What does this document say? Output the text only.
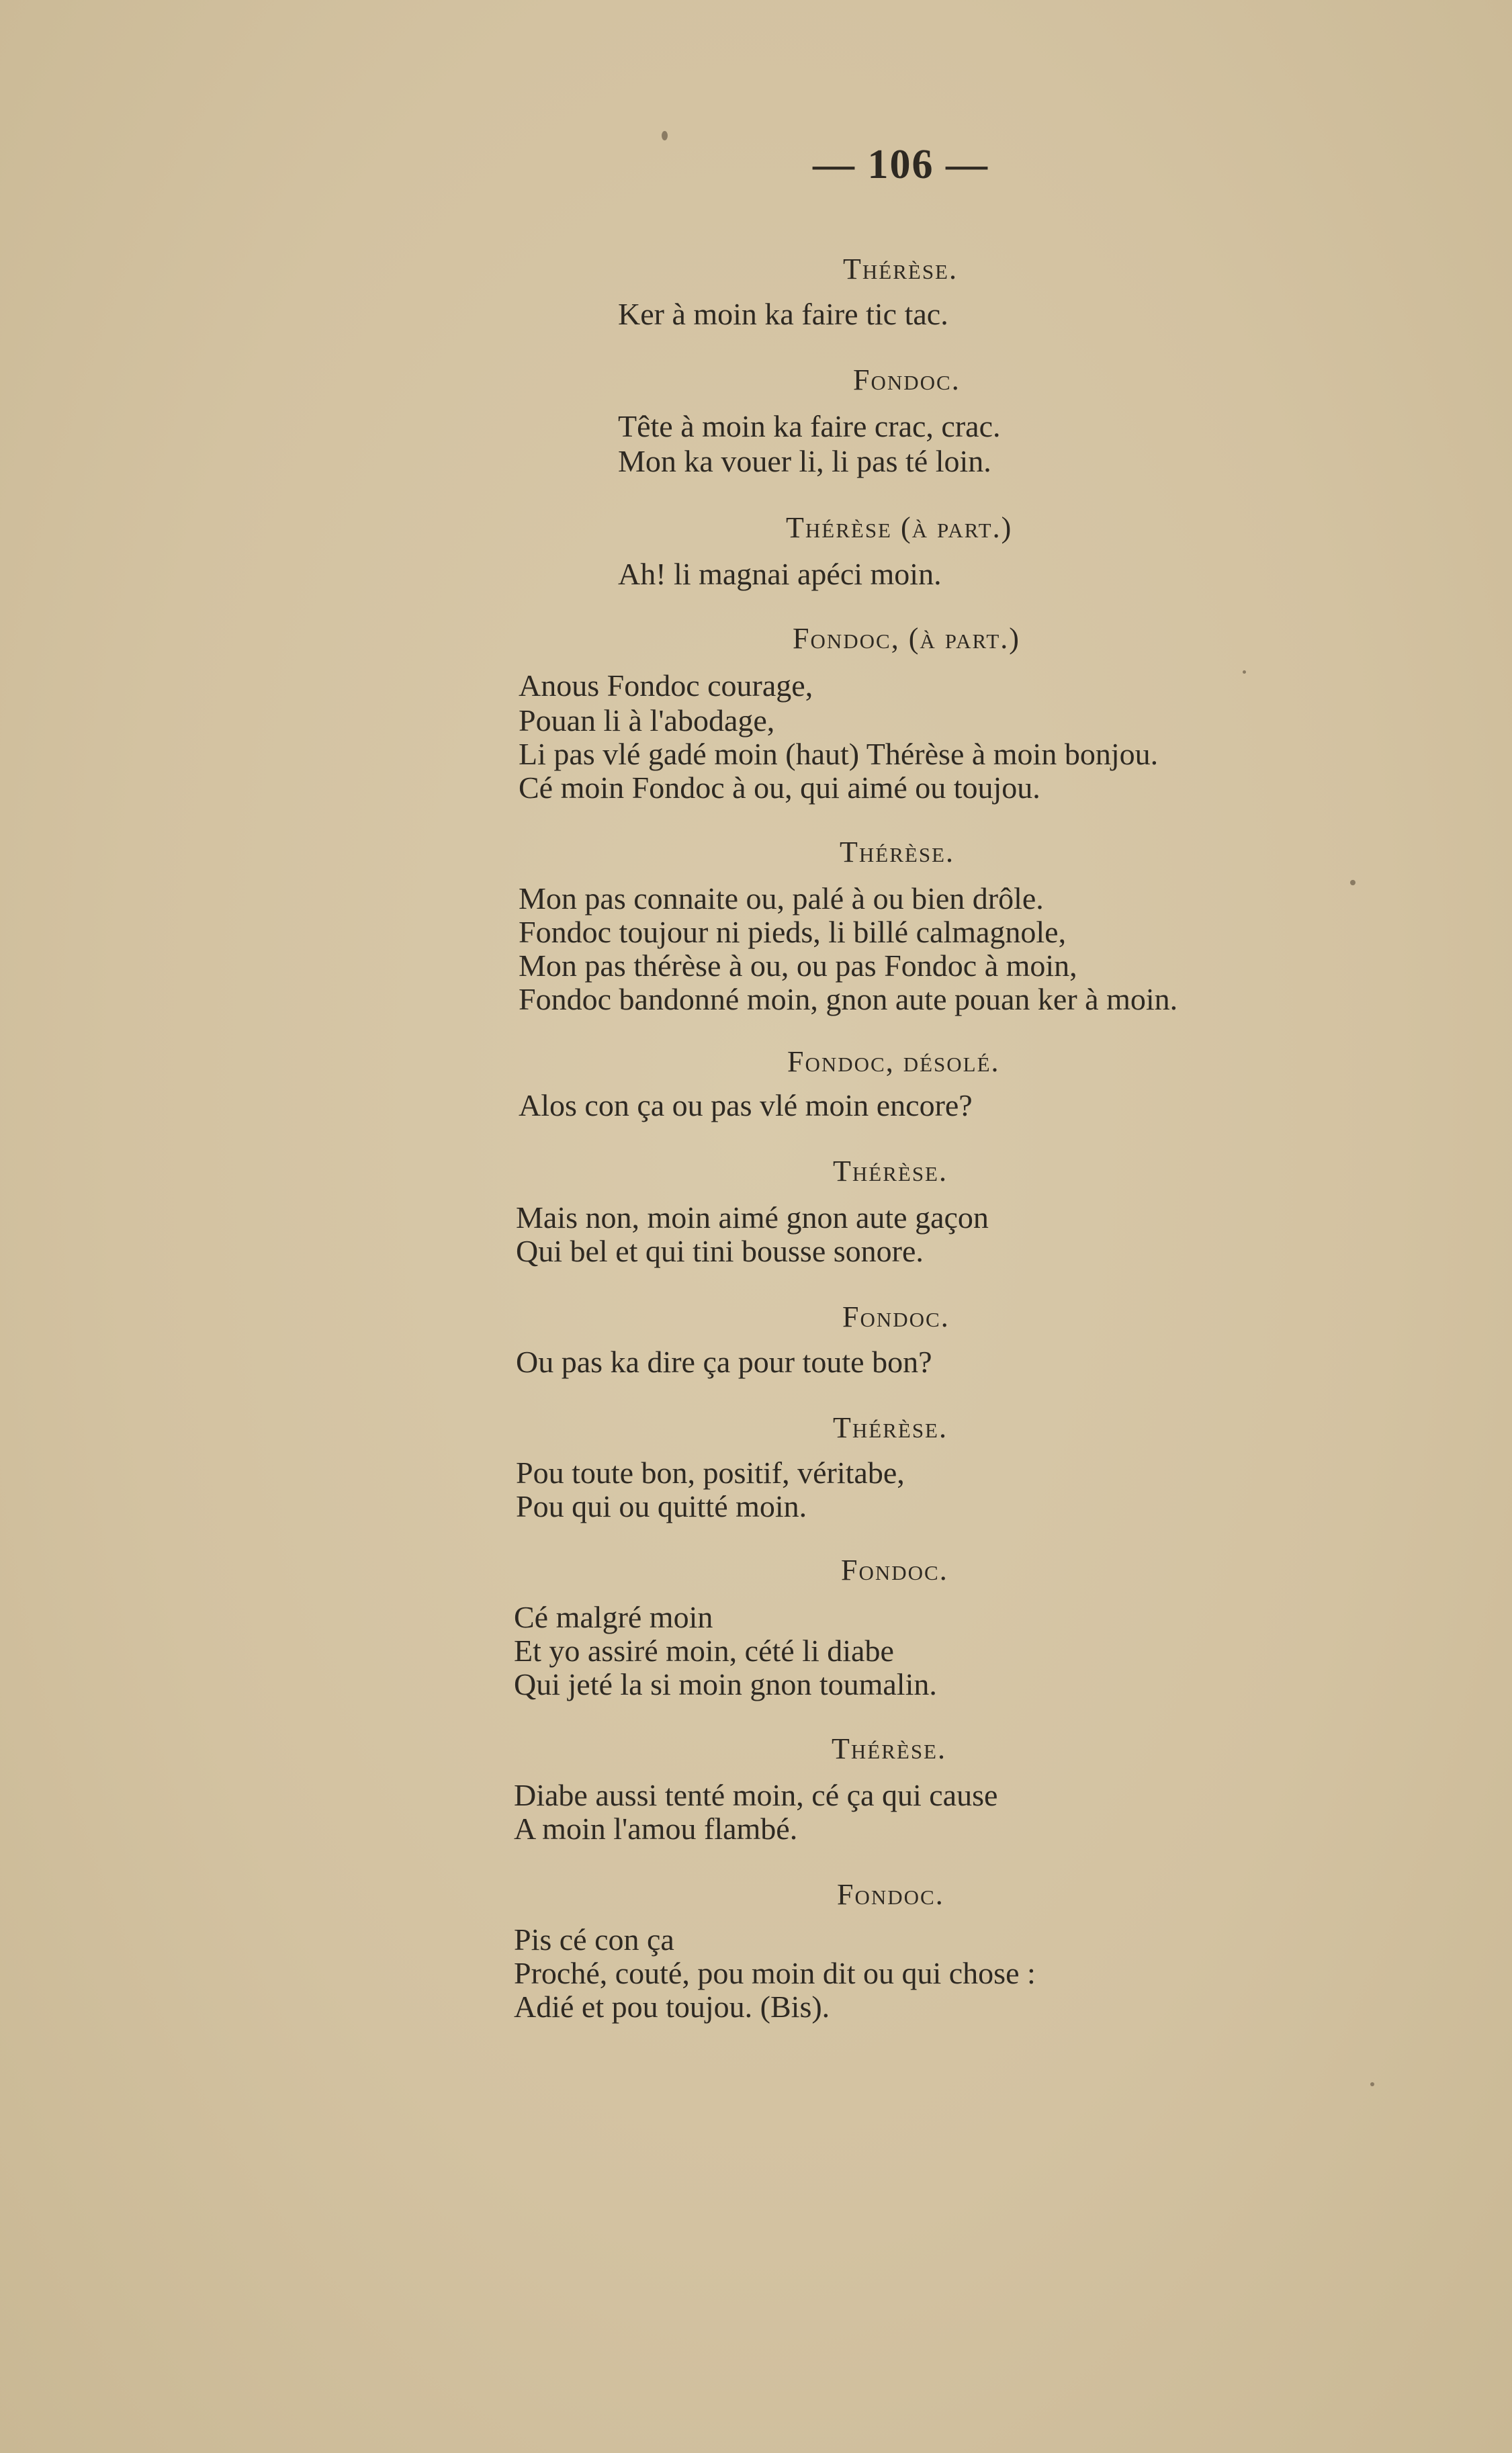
— 106 —
Thérèse.
Ker à moin ka faire tic tac.
Fondoc.
Tête à moin ka faire crac, crac.
Mon ka vouer li, li pas té loin.
Thérèse (à part.)
Ah! li magnai apéci moin.
Fondoc, (à part.)
Anous Fondoc courage,
Pouan li à l'abodage,
Li pas vlé gadé moin (haut) Thérèse à moin bonjou.
Cé moin Fondoc à ou, qui aimé ou toujou.
Thérèse.
Mon pas connaite ou, palé à ou bien drôle.
Fondoc toujour ni pieds, li billé calmagnole,
Mon pas thérèse à ou, ou pas Fondoc à moin,
Fondoc bandonné moin, gnon aute pouan ker à moin.
Fondoc, désolé.
Alos con ça ou pas vlé moin encore?
Thérèse.
Mais non, moin aimé gnon aute gaçon
Qui bel et qui tini bousse sonore.
Fondoc.
Ou pas ka dire ça pour toute bon?
Thérèse.
Pou toute bon, positif, véritabe,
Pou qui ou quitté moin.
Fondoc.
Cé malgré moin
Et yo assiré moin, cété li diabe
Qui jeté la si moin gnon toumalin.
Thérèse.
Diabe aussi tenté moin, cé ça qui cause
A moin l'amou flambé.
Fondoc.
Pis cé con ça
Proché, couté, pou moin dit ou qui chose :
Adié et pou toujou. (Bis).
